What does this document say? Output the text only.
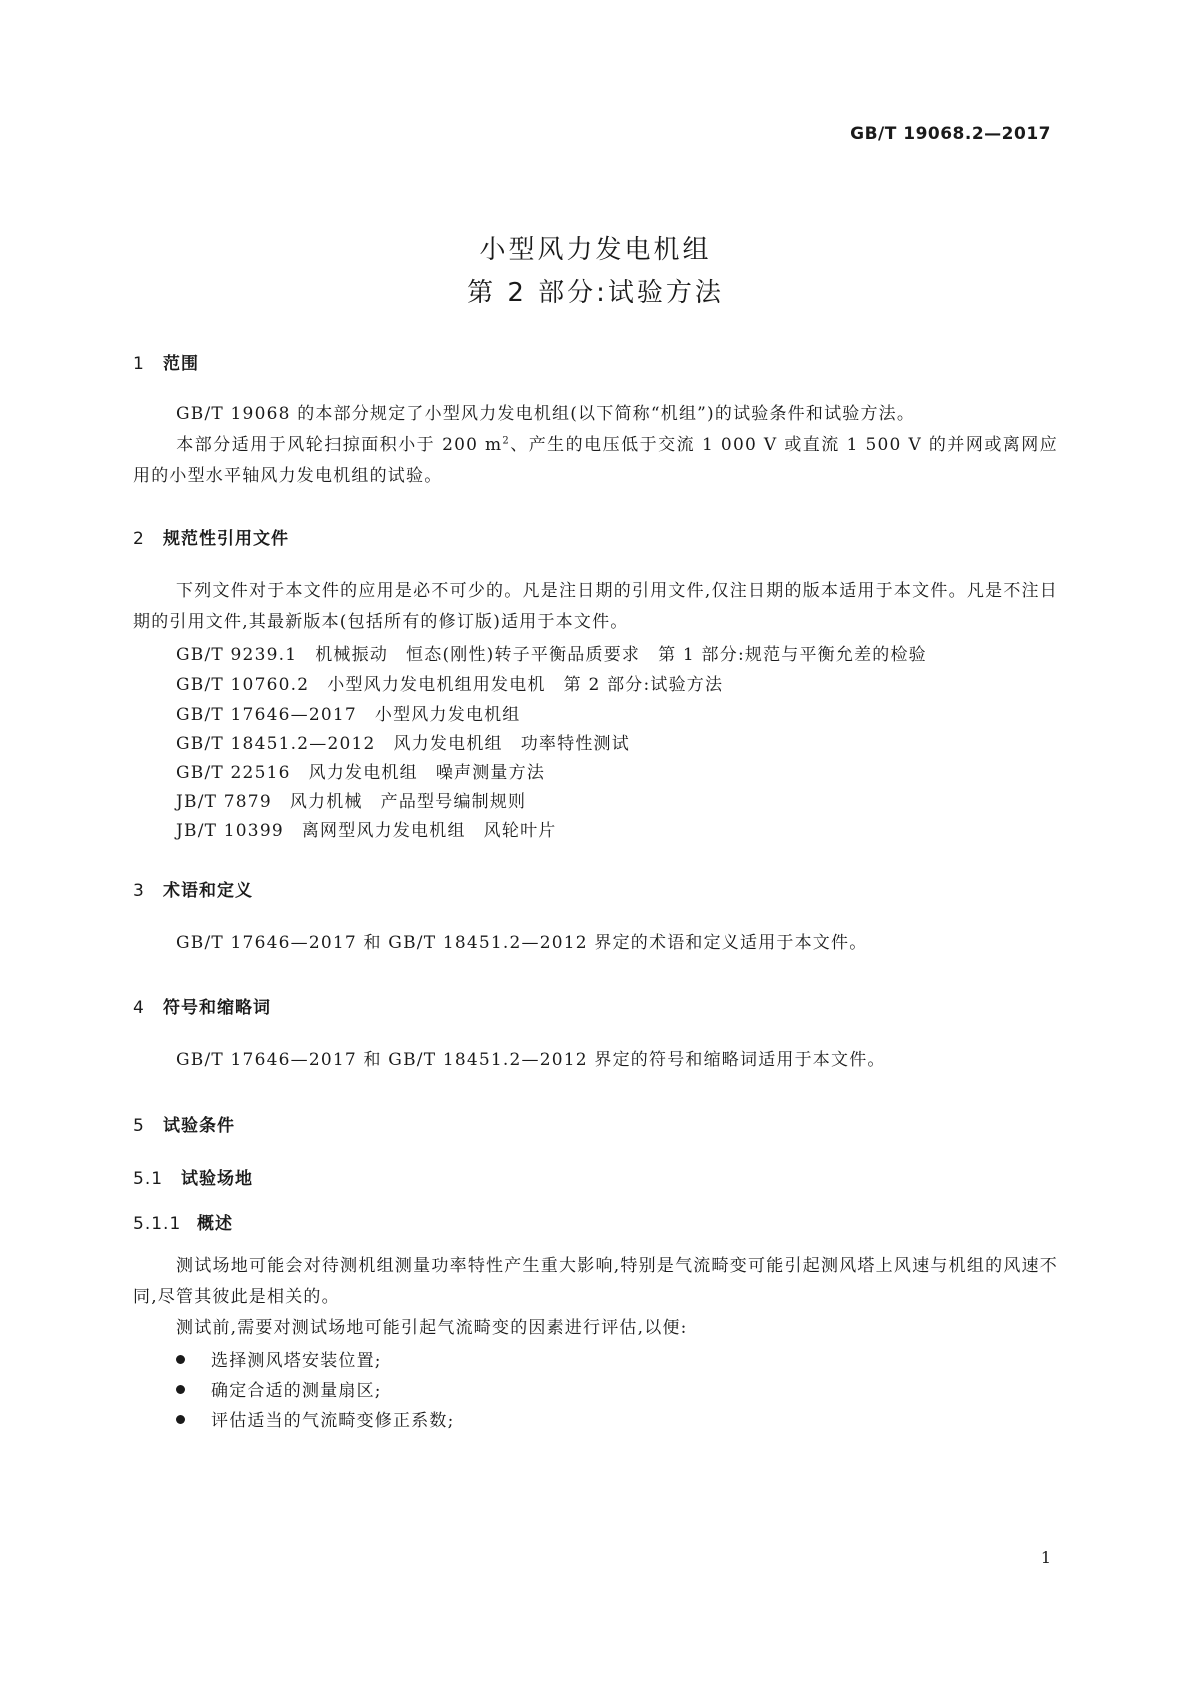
GB/T 19068.2—2017
小型风力发电机组
第 2 部分:试验方法
1 范围
GB/T 19068 的本部分规定了小型风力发电机组(以下简称“机组”)的试验条件和试验方法。
本部分适用于风轮扫掠面积小于 200 $m^2$、产生的电压低于交流 1 000 V 或直流 1 500 V 的并网或离网应用的小型水平轴风力发电机组的试验。
2 规范性引用文件
下列文件对于本文件的应用是必不可少的。凡是注日期的引用文件,仅注日期的版本适用于本文件。凡是不注日期的引用文件,其最新版本(包括所有的修订版)适用于本文件。
GB/T 9239.1 机械振动 恒态(刚性)转子平衡品质要求 第 1 部分:规范与平衡允差的检验
GB/T 10760.2 小型风力发电机组用发电机 第 2 部分:试验方法
GB/T 17646—2017 小型风力发电机组
GB/T 18451.2—2012 风力发电机组 功率特性测试
GB/T 22516 风力发电机组 噪声测量方法
JB/T 7879 风力机械 产品型号编制规则
JB/T 10399 离网型风力发电机组 风轮叶片
3 术语和定义
GB/T 17646—2017 和 GB/T 18451.2—2012 界定的术语和定义适用于本文件。
4 符号和缩略词
GB/T 17646—2017 和 GB/T 18451.2—2012 界定的符号和缩略词适用于本文件。
5 试验条件
5.1 试验场地
5.1.1 概述
测试场地可能会对待测机组测量功率特性产生重大影响,特别是气流畸变可能引起测风塔上风速与机组的风速不同,尽管其彼此是相关的。
测试前,需要对测试场地可能引起气流畸变的因素进行评估,以便:
选择测风塔安装位置;
确定合适的测量扇区;
评估适当的气流畸变修正系数;
1
